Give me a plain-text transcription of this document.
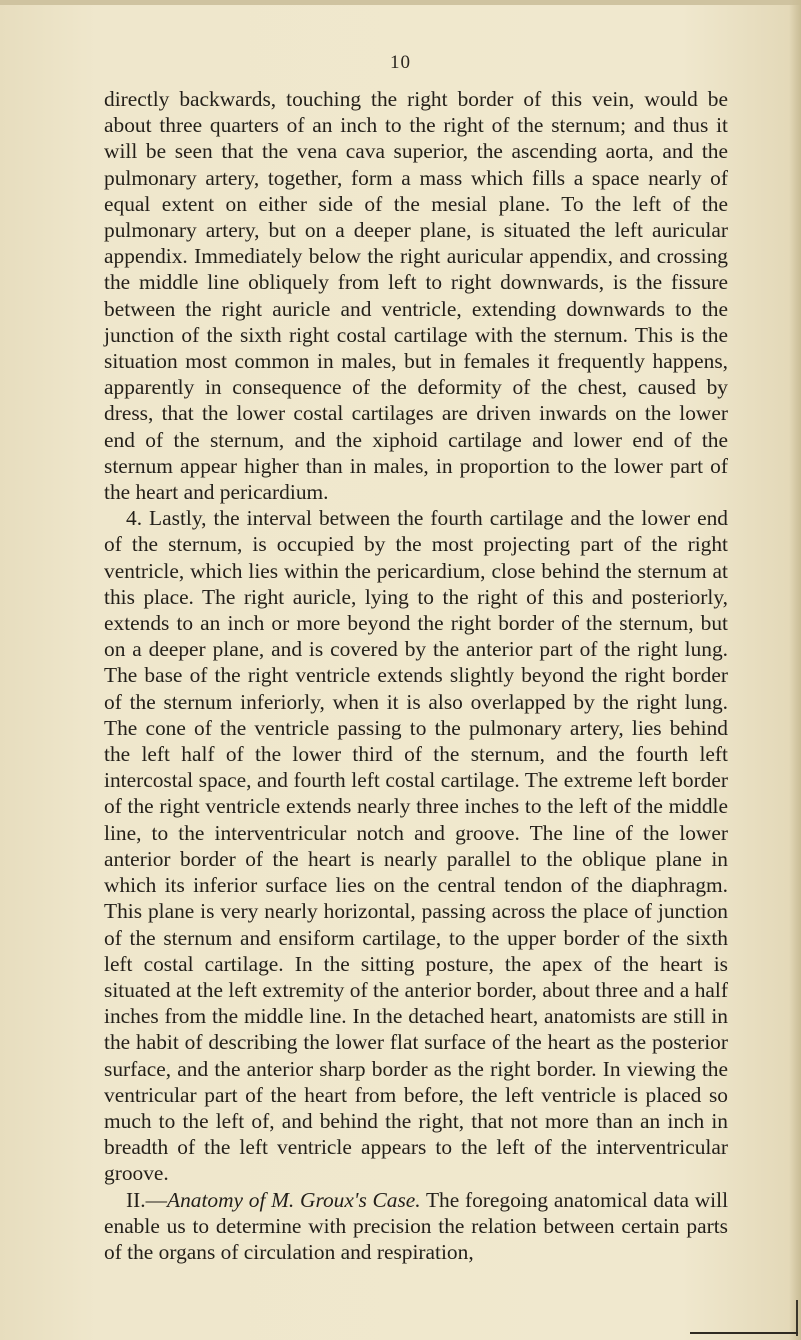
10

directly backwards, touching the right border of this vein, would be about three quarters of an inch to the right of the sternum; and thus it will be seen that the vena cava superior, the ascending aorta, and the pulmonary artery, together, form a mass which fills a space nearly of equal extent on either side of the mesial plane. To the left of the pulmonary artery, but on a deeper plane, is situated the left auricular appendix. Immediately below the right auricular appendix, and crossing the middle line obliquely from left to right downwards, is the fissure between the right auricle and ventricle, extending downwards to the junction of the sixth right costal cartilage with the sternum. This is the situation most common in males, but in females it frequently happens, apparently in consequence of the deformity of the chest, caused by dress, that the lower costal cartilages are driven inwards on the lower end of the sternum, and the xiphoid cartilage and lower end of the sternum appear higher than in males, in proportion to the lower part of the heart and pericardium.

4. Lastly, the interval between the fourth cartilage and the lower end of the sternum, is occupied by the most projecting part of the right ventricle, which lies within the pericardium, close behind the sternum at this place. The right auricle, lying to the right of this and posteriorly, extends to an inch or more beyond the right border of the sternum, but on a deeper plane, and is covered by the anterior part of the right lung. The base of the right ventricle extends slightly beyond the right border of the sternum inferiorly, when it is also overlapped by the right lung. The cone of the ventricle passing to the pulmonary artery, lies behind the left half of the lower third of the sternum, and the fourth left intercostal space, and fourth left costal cartilage. The extreme left border of the right ventricle extends nearly three inches to the left of the middle line, to the interventricular notch and groove. The line of the lower anterior border of the heart is nearly parallel to the oblique plane in which its inferior surface lies on the central tendon of the diaphragm. This plane is very nearly horizontal, passing across the place of junction of the sternum and ensiform cartilage, to the upper border of the sixth left costal cartilage. In the sitting posture, the apex of the heart is situated at the left extremity of the anterior border, about three and a half inches from the middle line. In the detached heart, anatomists are still in the habit of describing the lower flat surface of the heart as the posterior surface, and the anterior sharp border as the right border. In viewing the ventricular part of the heart from before, the left ventricle is placed so much to the left of, and behind the right, that not more than an inch in breadth of the left ventricle appears to the left of the interventricular groove.

II.—Anatomy of M. Groux's Case. The foregoing anatomical data will enable us to determine with precision the relation between certain parts of the organs of circulation and respiration,
